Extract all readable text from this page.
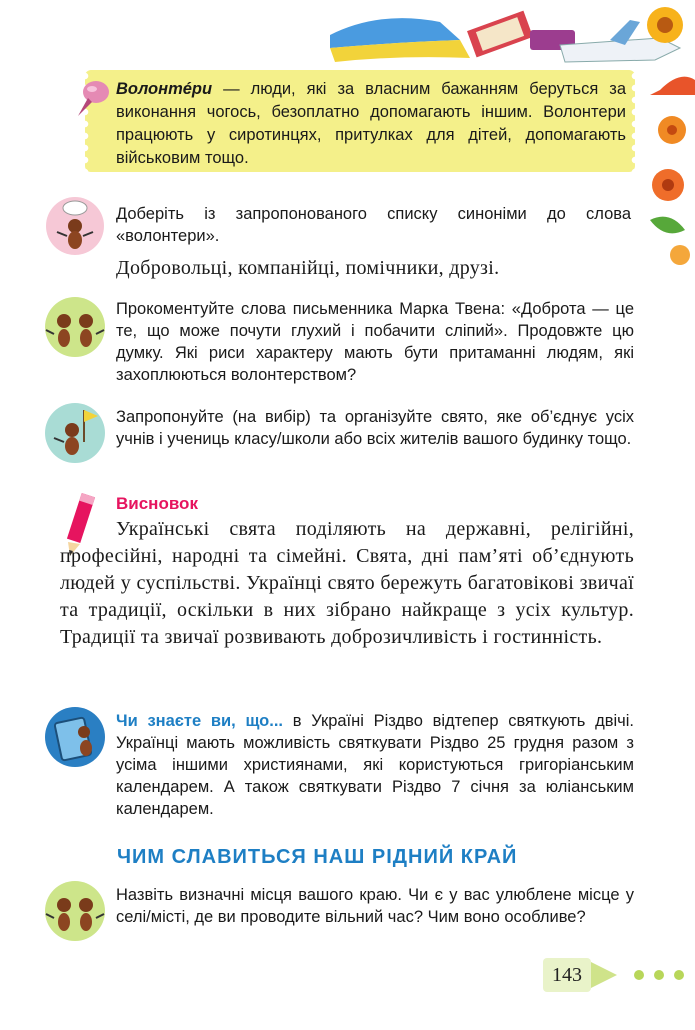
Волонтéри — люди, які за власним бажанням беруться за виконання чогось, безоплатно допомагають іншим. Волонтери працюють у сиротинцях, притулках для дітей, допомагають військовим тощо.
Доберіть із запропонованого списку синоніми до слова «волонтери».
Добровольці, компанійці, помічники, друзі.
Прокоментуйте слова письменника Марка Твена: «Доброта — це те, що може почути глухий і побачити сліпий». Продовжте цю думку. Які риси характеру мають бути притаманні людям, які захоплюються волонтерством?
Запропонуйте (на вибір) та організуйте свято, яке об’єднує усіх учнів і учениць класу/школи або всіх жителів вашого будинку тощо.
Висновок
Українські свята поділяють на державні, релігійні, професійні, народні та сімейні. Свята, дні пам’яті об’єднують людей у суспільстві. Українці свято бережуть багатовікові звичаї та традиції, оскільки в них зібрано найкраще з усіх культур. Традиції та звичаї розвивають доброзичливість і гостинність.
Чи знаєте ви, що... в Україні Різдво відтепер святкують двічі. Українці мають можливість святкувати Різдво 25 грудня разом з усіма іншими християнами, які користуються григоріанським календарем. А також святкувати Різдво 7 січня за юліанським календарем.
ЧИМ СЛАВИТЬСЯ НАШ РІДНИЙ КРАЙ
Назвіть визначні місця вашого краю. Чи є у вас улюблене місце у селі/місті, де ви проводите вільний час? Чим воно особливе?
143
